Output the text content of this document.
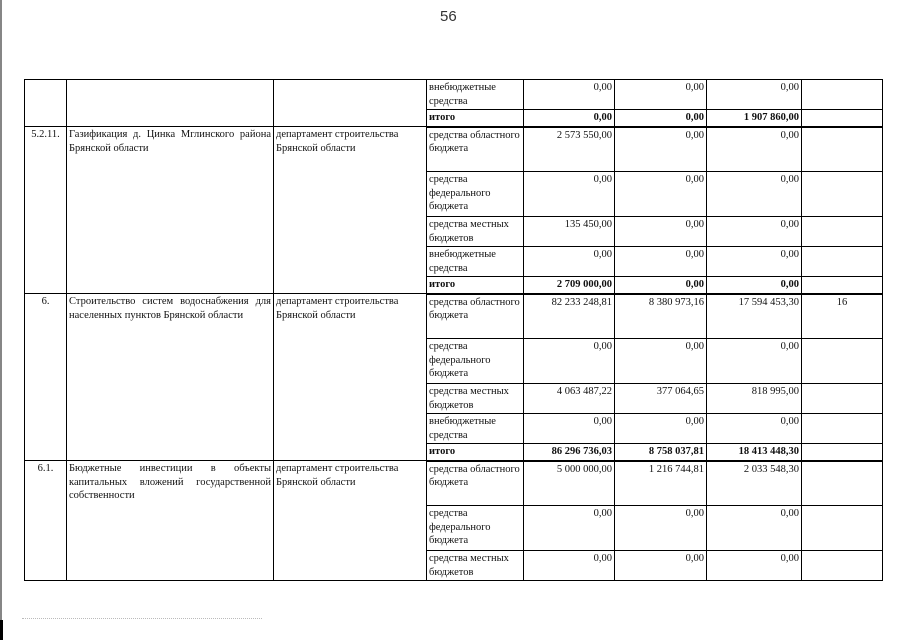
56
			внебюджетные средства	0,00	0,00	0,00	
			итого	0,00	0,00	1 907 860,00	
5.2.11.	Газификация д. Цинка Мглинского района Брянской области	департамент строительства Брянской области	средства областного бюджета	2 573 550,00	0,00	0,00	
			средства федерального бюджета	0,00	0,00	0,00	
			средства местных бюджетов	135 450,00	0,00	0,00	
			внебюджетные средства	0,00	0,00	0,00	
			итого	2 709 000,00	0,00	0,00	
6.	Строительство систем водоснабжения для населенных пунктов Брянской области	департамент строительства Брянской области	средства областного бюджета	82 233 248,81	8 380 973,16	17 594 453,30	16
			средства федерального бюджета	0,00	0,00	0,00	
			средства местных бюджетов	4 063 487,22	377 064,65	818 995,00	
			внебюджетные средства	0,00	0,00	0,00	
			итого	86 296 736,03	8 758 037,81	18 413 448,30	
6.1.	Бюджетные инвестиции в объекты капитальных вложений государственной собственности	департамент строительства Брянской области	средства областного бюджета	5 000 000,00	1 216 744,81	2 033 548,30	
			средства федерального бюджета	0,00	0,00	0,00	
			средства местных бюджетов	0,00	0,00	0,00	
